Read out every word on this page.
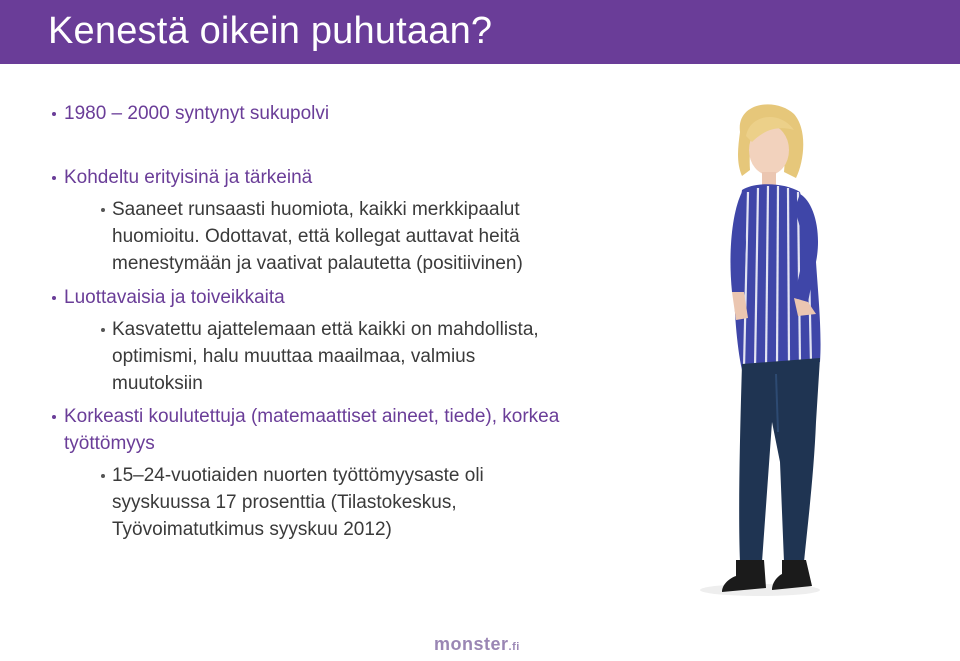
Kenestä oikein puhutaan?
1980 – 2000 syntynyt sukupolvi
Kohdeltu erityisinä ja tärkeinä
Saaneet runsaasti huomiota, kaikki merkkipaalut
huomioitu. Odottavat, että kollegat auttavat heitä
menestymään ja vaativat palautetta (positiivinen)
Luottavaisia ja toiveikkaita
Kasvatettu ajattelemaan että kaikki on mahdollista,
optimismi, halu muuttaa maailmaa, valmius
muutoksiin
Korkeasti koulutettuja (matemaattiset aineet, tiede), korkea
työttömyys
15–24-vuotiaiden nuorten työttömyysaste oli
syyskuussa 17 prosenttia (Tilastokeskus,
Työvoimatutkimus syyskuu 2012)
monster.fi
